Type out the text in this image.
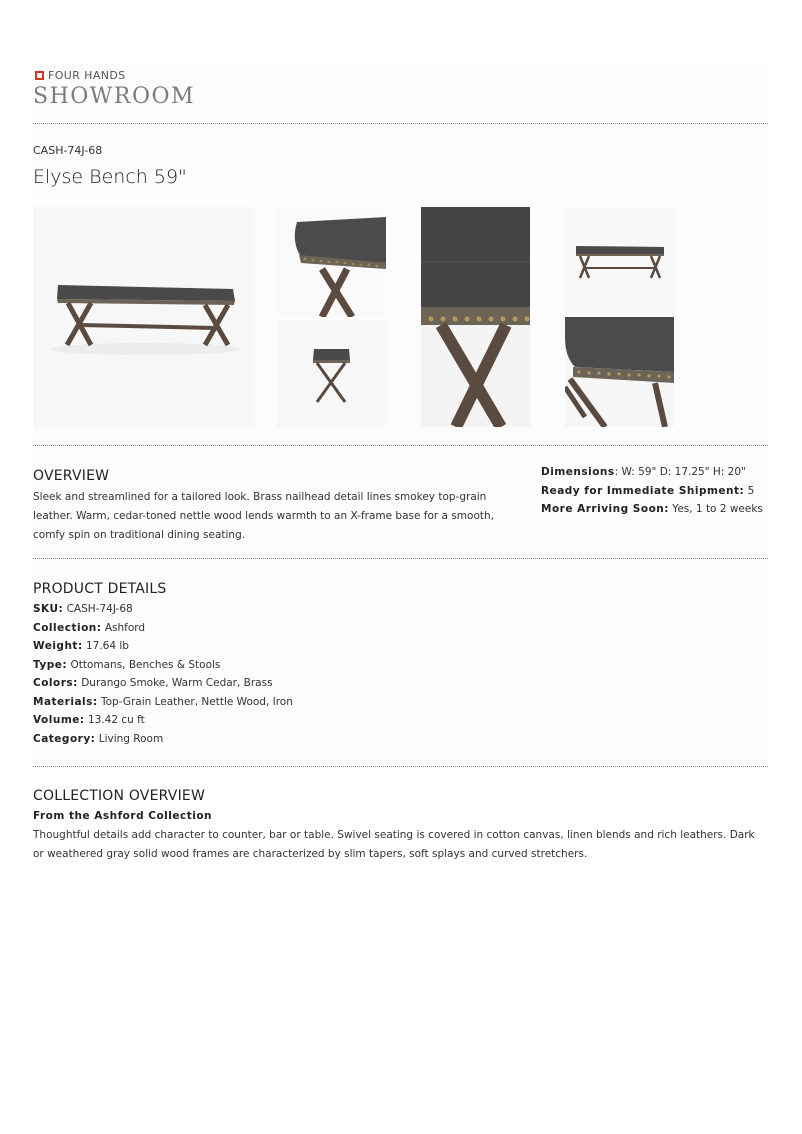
FOUR HANDS
SHOWROOM
CASH-74J-68
Elyse Bench 59"
OVERVIEW
Sleek and streamlined for a tailored look. Brass nailhead detail lines smokey top-grain leather. Warm, cedar-toned nettle wood lends warmth to an X-frame base for a smooth, comfy spin on traditional dining seating.
Dimensions: W: 59" D: 17.25" H: 20"
Ready for Immediate Shipment: 5
More Arriving Soon: Yes, 1 to 2 weeks
PRODUCT DETAILS
SKU: CASH-74J-68
Collection: Ashford
Weight: 17.64 lb
Type: Ottomans, Benches & Stools
Colors: Durango Smoke, Warm Cedar, Brass
Materials: Top-Grain Leather, Nettle Wood, Iron
Volume: 13.42 cu ft
Category: Living Room
COLLECTION OVERVIEW
From the Ashford Collection
Thoughtful details add character to counter, bar or table. Swivel seating is covered in cotton canvas, linen blends and rich leathers. Dark or weathered gray solid wood frames are characterized by slim tapers, soft splays and curved stretchers.
